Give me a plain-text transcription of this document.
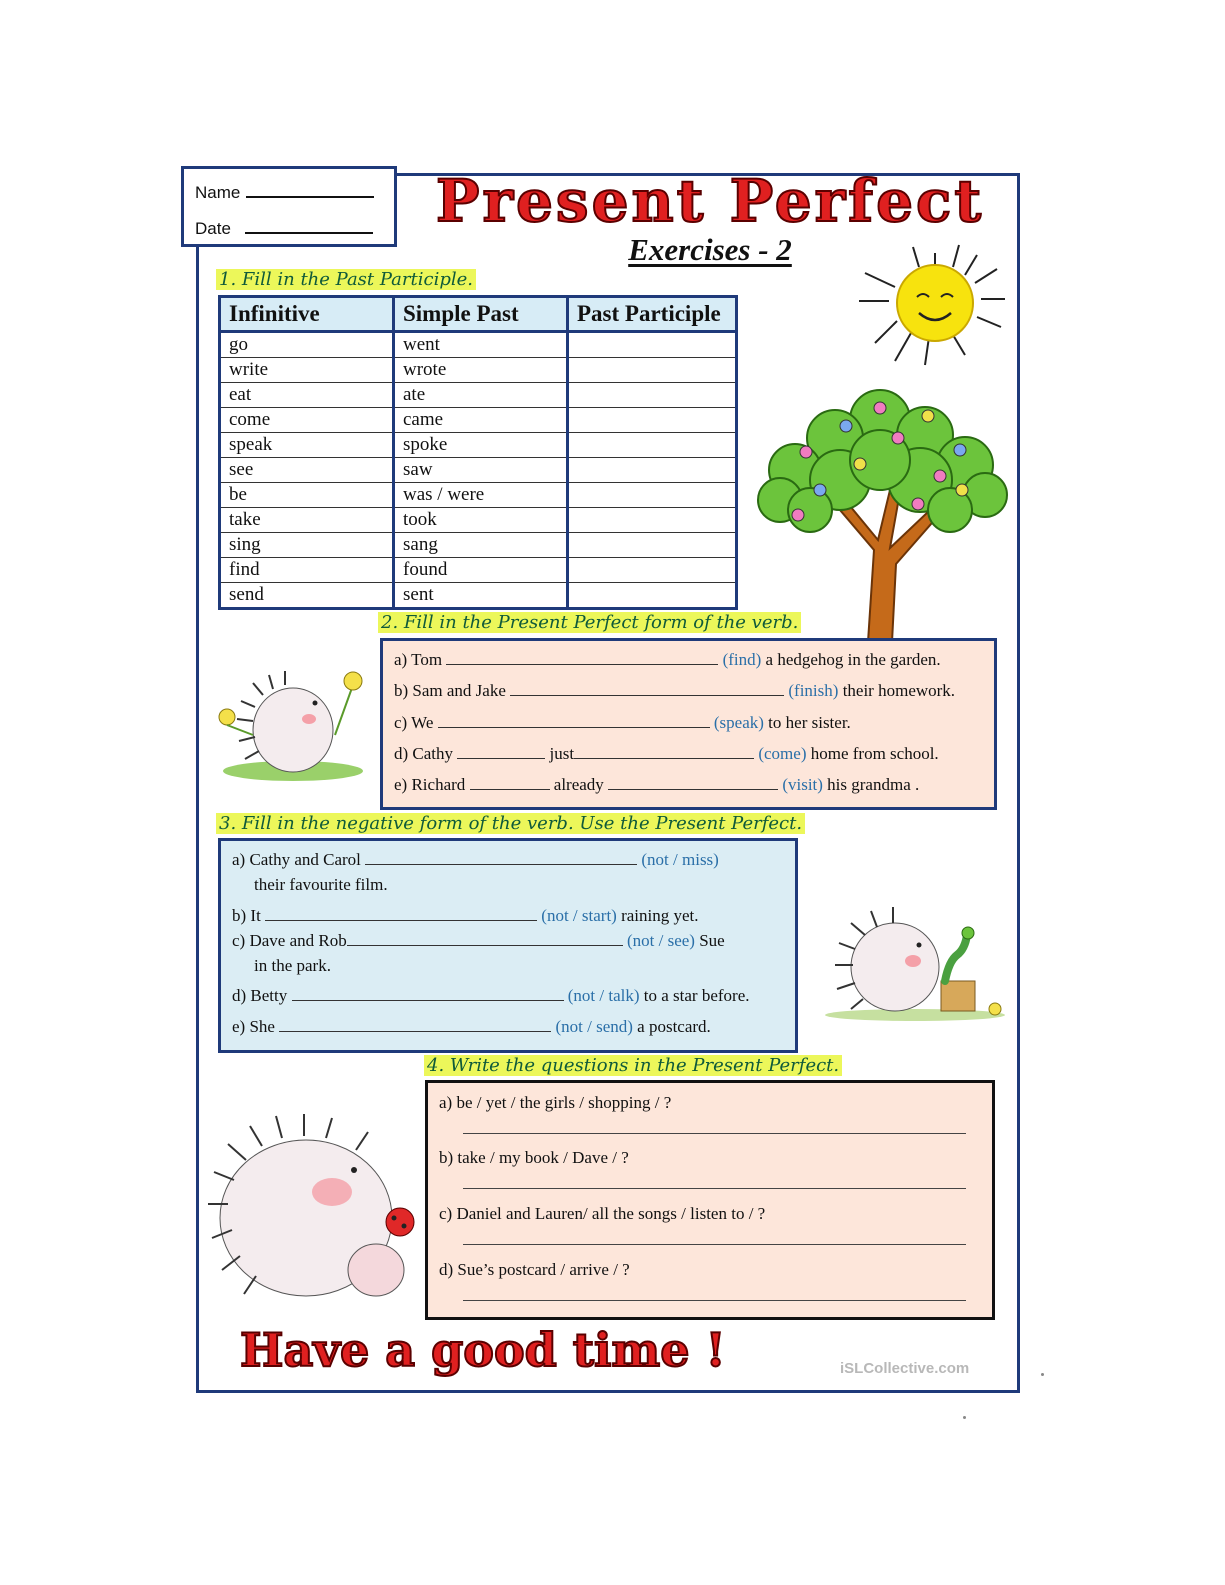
Name
Date	Present Perfect
Exercises - 2
1. Fill in the Past Participle.
Infinitive	Simple Past	Past Participle
go	went	
write	wrote	
eat	ate	
come	came	
speak	spoke	
see	saw	
be	was / were	
take	took	
sing	sang	
find	found	
send	sent	
2. Fill in the Present Perfect form of the verb.
a) Tom	(find) a hedgehog in the garden.
b) Sam and Jake	(finish) their homework.
c) We	(speak) to her sister.
d) Cathy	just	(come) home from school.
e) Richard	already	(visit) his grandma .
3. Fill in the negative form of the verb. Use the Present Perfect.
a) Cathy and Carol	(not / miss)
their favourite film.
b) It	(not / start) raining yet.
c) Dave and Rob	(not / see) Sue
in the park.
d) Betty	(not / talk) to a star before.
e) She	(not / send) a postcard.
4. Write the questions in the Present Perfect.
a) be / yet / the girls / shopping / ?
b) take / my book / Dave / ?
c) Daniel and Lauren/ all the songs / listen to / ?
d) Sue’s postcard / arrive / ?
Have a good time !	iSLCollective.com
